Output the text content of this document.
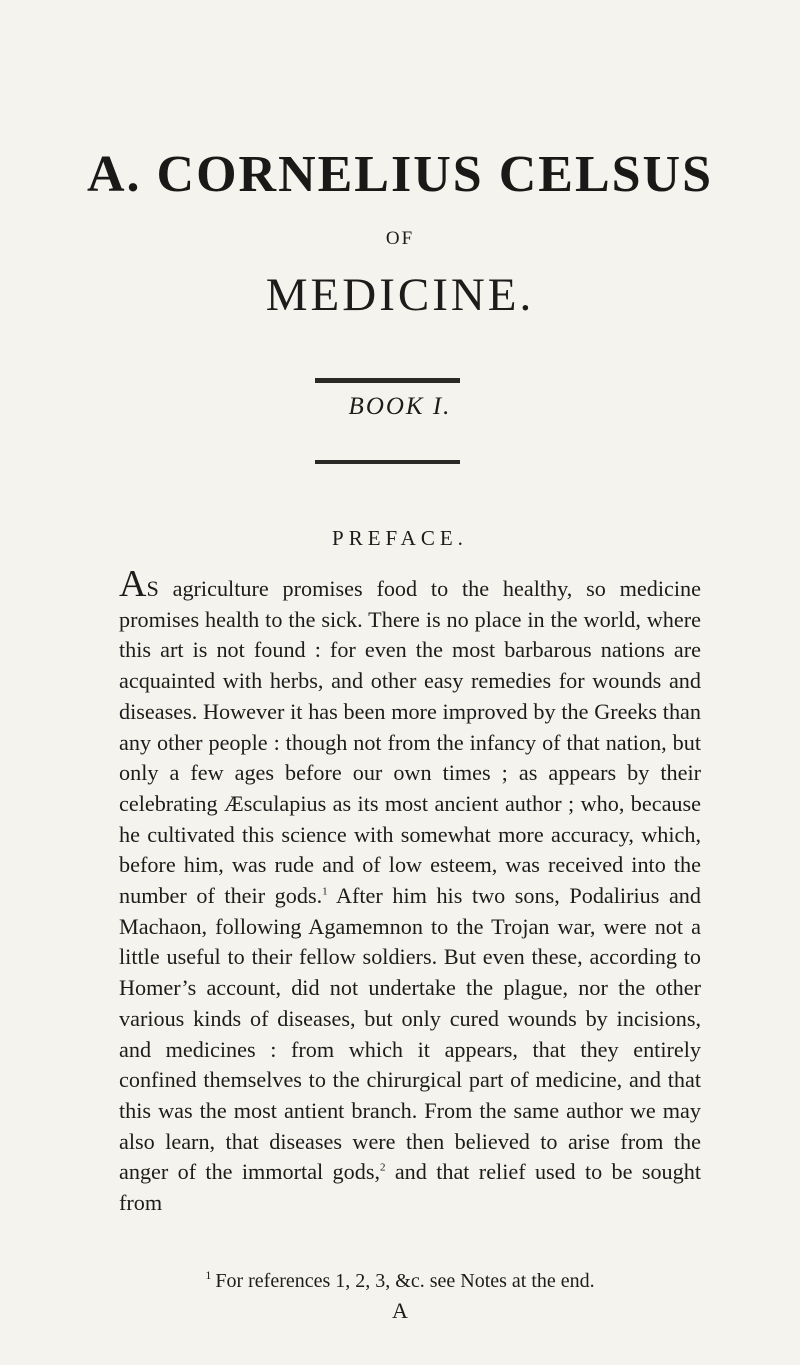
A. CORNELIUS CELSUS
OF
MEDICINE.
BOOK I.
PREFACE.
AS agriculture promises food to the healthy, so medicine promises health to the sick. There is no place in the world, where this art is not found : for even the most barbarous nations are acquainted with herbs, and other easy remedies for wounds and diseases. However it has been more improved by the Greeks than any other people : though not from the infancy of that nation, but only a few ages before our own times ; as appears by their celebrating Æsculapius as its most ancient author ; who, because he cultivated this science with somewhat more accuracy, which, before him, was rude and of low esteem, was received into the number of their gods.$^1$ After him his two sons, Podalirius and Machaon, following Agamemnon to the Trojan war, were not a little useful to their fellow soldiers. But even these, according to Homer’s account, did not undertake the plague, nor the other various kinds of diseases, but only cured wounds by incisions, and medicines : from which it appears, that they entirely confined themselves to the chirurgical part of medicine, and that this was the most antient branch. From the same author we may also learn, that diseases were then believed to arise from the anger of the immortal gods,$^2$ and that relief used to be sought from
$^1$ For references 1, 2, 3, &c. see Notes at the end.
A
